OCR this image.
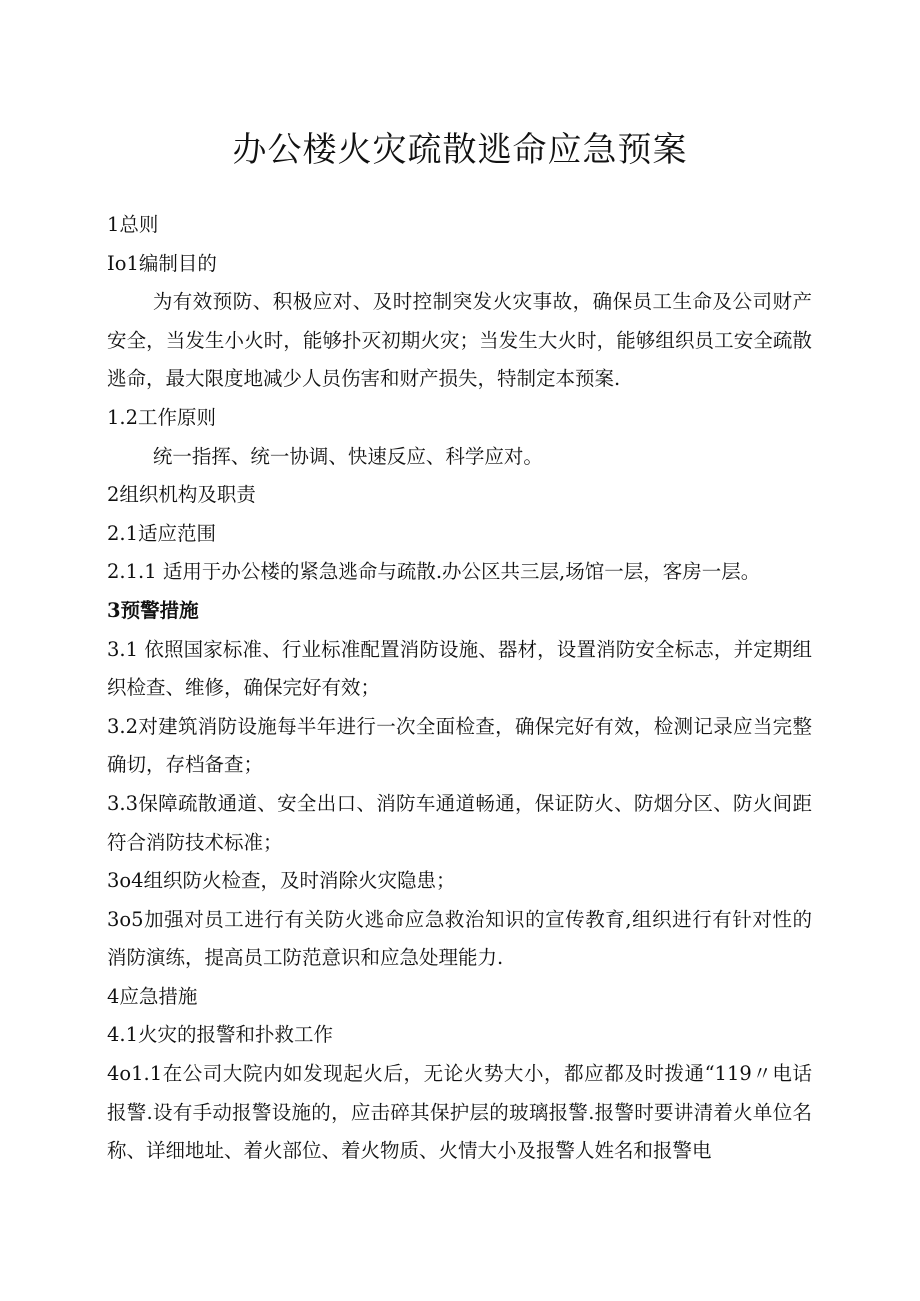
办公楼火灾疏散逃命应急预案

1总则

Io1编制目的

为有效预防、积极应对、及时控制突发火灾事故，确保员工生命及公司财产安全，当发生小火时，能够扑灭初期火灾；当发生大火时，能够组织员工安全疏散逃命，最大限度地减少人员伤害和财产损失，特制定本预案.

1.2工作原则

统一指挥、统一协调、快速反应、科学应对。

2组织机构及职责

2.1适应范围

2.1.1 适用于办公楼的紧急逃命与疏散.办公区共三层,场馆一层，客房一层。

3预警措施

3.1 依照国家标准、行业标准配置消防设施、器材，设置消防安全标志，并定期组织检查、维修，确保完好有效；

3.2对建筑消防设施每半年进行一次全面检查，确保完好有效，检测记录应当完整确切，存档备查；

3.3保障疏散通道、安全出口、消防车通道畅通，保证防火、防烟分区、防火间距符合消防技术标准；

3o4组织防火检查，及时消除火灾隐患；

3o5加强对员工进行有关防火逃命应急救治知识的宣传教育,组织进行有针对性的消防演练，提高员工防范意识和应急处理能力.

4应急措施

4.1火灾的报警和扑救工作

4o1.1在公司大院内如发现起火后，无论火势大小，都应都及时拨通“119〃电话报警.设有手动报警设施的，应击碎其保护层的玻璃报警.报警时要讲清着火单位名称、详细地址、着火部位、着火物质、火情大小及报警人姓名和报警电
